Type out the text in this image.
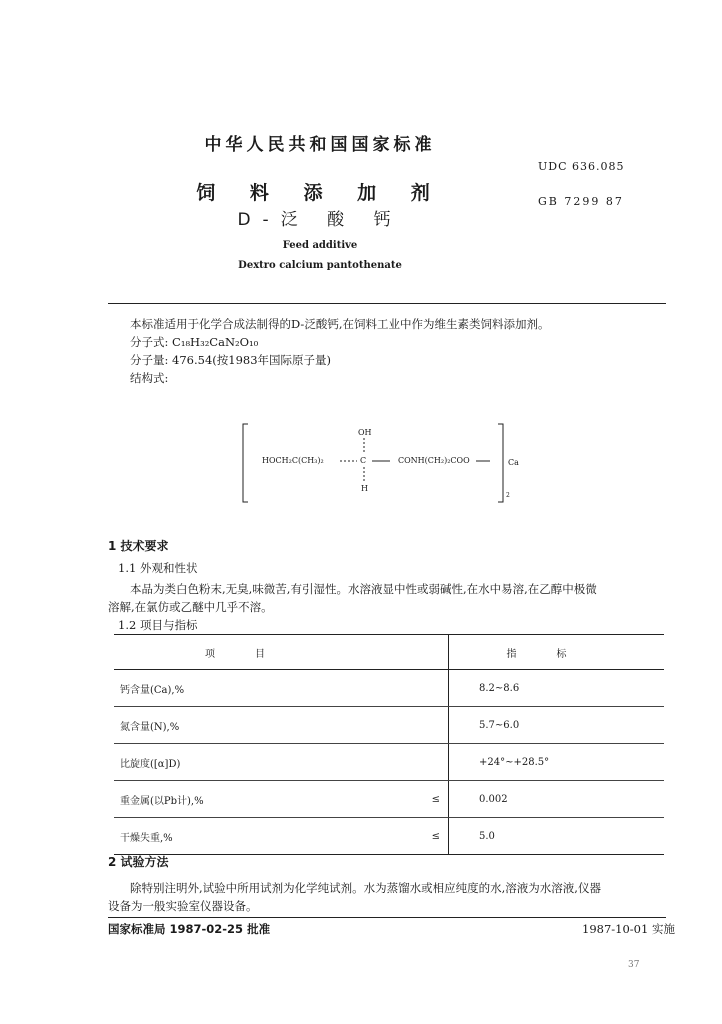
中华人民共和国国家标准
UDC 636.085
饲 料 添 加 剂	GB 7299 87
D-泛 酸 钙
Feed additive
Dextro calcium pantothenate
本标准适用于化学合成法制得的D-泛酸钙,在饲料工业中作为维生素类饲料添加剂。
分子式: C₁₈H₃₂CaN₂O₁₀
分子量: 476.54(按1983年国际原子量)
结构式:
HOCH₂C(CH₃)₂
OH
C
H
CONH(CH₂)₂COO	Ca
2
1 技术要求
1.1 外观和性状
本品为类白色粉末,无臭,味微苦,有引湿性。水溶液显中性或弱碱性,在水中易溶,在乙醇中极微
溶解,在氯仿或乙醚中几乎不溶。
1.2 项目与指标
项目		指标
钙含量(Ca),%		8.2~8.6
氮含量(N),%		5.7~6.0
比旋度([α]D)		+24°~+28.5°
重金属(以Pb计),%	≤	0.002
干燥失重,%	≤	5.0
2 试验方法
除特别注明外,试验中所用试剂为化学纯试剂。水为蒸馏水或相应纯度的水,溶液为水溶液,仪器
设备为一般实验室仪器设备。
国家标准局 1987-02-25 批准	1987-10-01 实施
37
